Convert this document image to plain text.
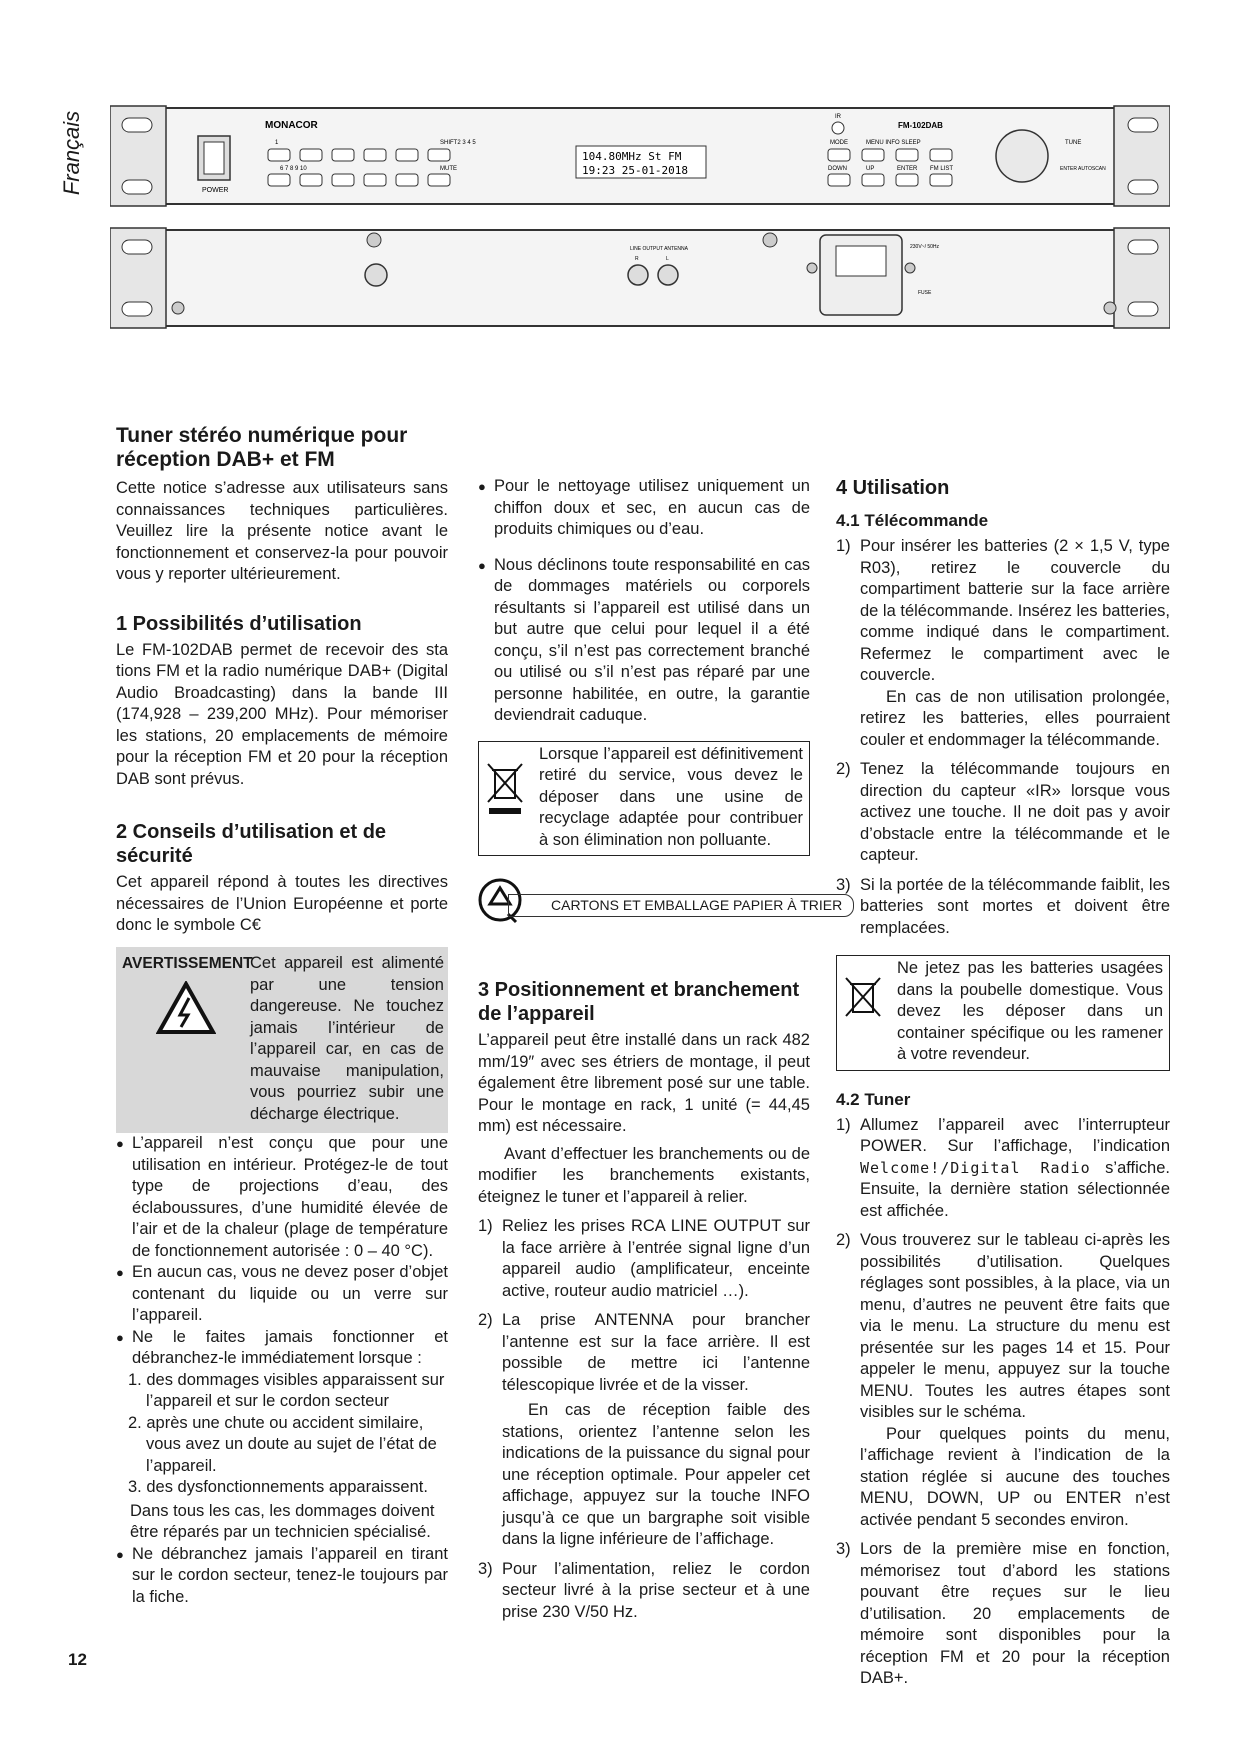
Français	POWER
MONACOR
1	SHIFT2 3 4 5
6 7 8 9 10	MUTE
104.80MHz St FM
19:23 25-01-2018
IR
MODE	MENU INFO SLEEP
FM-102DAB
DOWN	UP	ENTER FM LIST
TUNE
ENTER AUTOSCAN
LINE OUTPUT ANTENNA
R	L
230V~/ 50Hz
FUSE
Tuner stéréo numérique pour réception DAB+ et FM

Cette notice s’adresse aux utilisateurs sans connaissances techniques particulières. Veuillez lire la présente notice avant le fonctionnement et conservez-la pour pouvoir vous y reporter ultérieurement.

1 Possibilités d’utilisation

Le FM-102DAB permet de recevoir des sta tions FM et la radio numérique DAB+ (Digital Audio Broadcasting) dans la bande III (174,928 – 239,200 MHz). Pour mémoriser les stations, 20 emplacements de mémoire pour la réception FM et 20 pour la réception DAB sont prévus.

2 Conseils d’utilisation et de sécurité

Cet appareil répond à toutes les directives nécessaires de l’Union Européenne et porte donc le symbole C€

AVERTISSEMENT

Cet appareil est alimenté par une tension dangereuse. Ne touchez jamais l’intérieur de l’appareil car, en cas de mauvaise manipulation, vous pourriez subir une décharge électrique.

● L’appareil n’est conçu que pour une utilisation en intérieur. Protégez-le de tout type de projections d’eau, des éclaboussures, d’une humidité élevée de l’air et de la chaleur (plage de température de fonctionnement autorisée : 0 – 40 °C).

● En aucun cas, vous ne devez poser d’objet contenant du liquide ou un verre sur l’appareil.

● Ne le faites jamais fonctionner et débranchez-le immédiatement lorsque :

1. des dommages visibles apparaissent sur l’appareil et sur le cordon secteur

2. après une chute ou accident similaire, vous avez un doute au sujet de l’état de l’appareil.

3. des dysfonctionnements apparaissent.

Dans tous les cas, les dommages doivent être réparés par un technicien spécialisé.

● Ne débranchez jamais l’appareil en tirant sur le cordon secteur, tenez-le toujours par la fiche.

● Pour le nettoyage utilisez uniquement un chiffon doux et sec, en aucun cas de produits chimiques ou d’eau.

● Nous déclinons toute responsabilité en cas de dommages matériels ou corporels résultants si l’appareil est utilisé dans un but autre que celui pour lequel il a été conçu, s’il n’est pas correctement branché ou utilisé ou s’il n’est pas réparé par une personne habilitée, en outre, la garantie deviendrait caduque.

Lorsque l’appareil est définitivement retiré du service, vous devez le déposer dans une usine de recyclage adaptée pour contribuer à son élimination non polluante.

CARTONS ET EMBALLAGE PAPIER À TRIER
3 Positionnement et branchement de l’appareil

L’appareil peut être installé dans un rack 482 mm/19″ avec ses étriers de montage, il peut également être librement posé sur une table. Pour le montage en rack, 1 unité (= 44,45 mm) est nécessaire.

Avant d’effectuer les branchements ou de modifier les branchements existants, éteignez le tuner et l’appareil à relier.

1) Reliez les prises RCA LINE OUTPUT sur la face arrière à l’entrée signal ligne d’un appareil audio (amplificateur, enceinte active, routeur audio matriciel …).
2) La prise ANTENNA pour brancher l’antenne est sur la face arrière. Il est possible de mettre ici l’antenne télescopique livrée et de la visser.

En cas de réception faible des stations, orientez l’antenne selon les indications de la puissance du signal pour une réception optimale. Pour appeler cet affichage, appuyez sur la touche INFO jusqu’à ce que un bargraphe soit visible dans la ligne inférieure de l’affichage.

3) Pour l’alimentation, reliez le cordon secteur livré à la prise secteur et à une prise 230 V/50 Hz.
4 Utilisation
4.1 Télécommande
1) Pour insérer les batteries (2 × 1,5 V, type R03), retirez le couvercle du compartiment batterie sur la face arrière de la télécommande. Insérez les batteries, comme indiqué dans le compartiment. Refermez le compartiment avec le couvercle.

En cas de non utilisation prolongée, retirez les batteries, elles pourraient couler et endommager la télécommande.

2) Tenez la télécommande toujours en direction du capteur «IR» lorsque vous activez une touche. Il ne doit pas y avoir d’obstacle entre la télécommande et le capteur.
3) Si la portée de la télécommande faiblit, les batteries sont mortes et doivent être remplacées.

Ne jetez pas les batteries usagées dans la poubelle domestique. Vous devez les déposer dans un container spécifique ou les ramener à votre revendeur.

4.2 Tuner
1) Allumez l’appareil avec l’interrupteur POWER. Sur l’affichage, l’indication Welcome!/Digital Radio s’affiche. Ensuite, la dernière station sélectionnée est affichée.
2) Vous trouverez sur le tableau ci-après les possibilités d’utilisation. Quelques réglages sont possibles, à la place, via un menu, d’autres ne peuvent être faits que via le menu. La structure du menu est présentée sur les pages 14 et 15. Pour appeler le menu, appuyez sur la touche MENU. Toutes les autres étapes sont visibles sur le schéma.

Pour quelques points du menu, l’affichage revient à l’indication de la station réglée si aucune des touches MENU, DOWN, UP ou ENTER n’est activée pendant 5 secondes environ.

3) Lors de la première mise en fonction, mémorisez tout d’abord les stations pouvant être reçues sur le lieu d’utilisation. 20 emplacements de mémoire sont disponibles pour la réception FM et 20 pour la réception DAB+.
12
